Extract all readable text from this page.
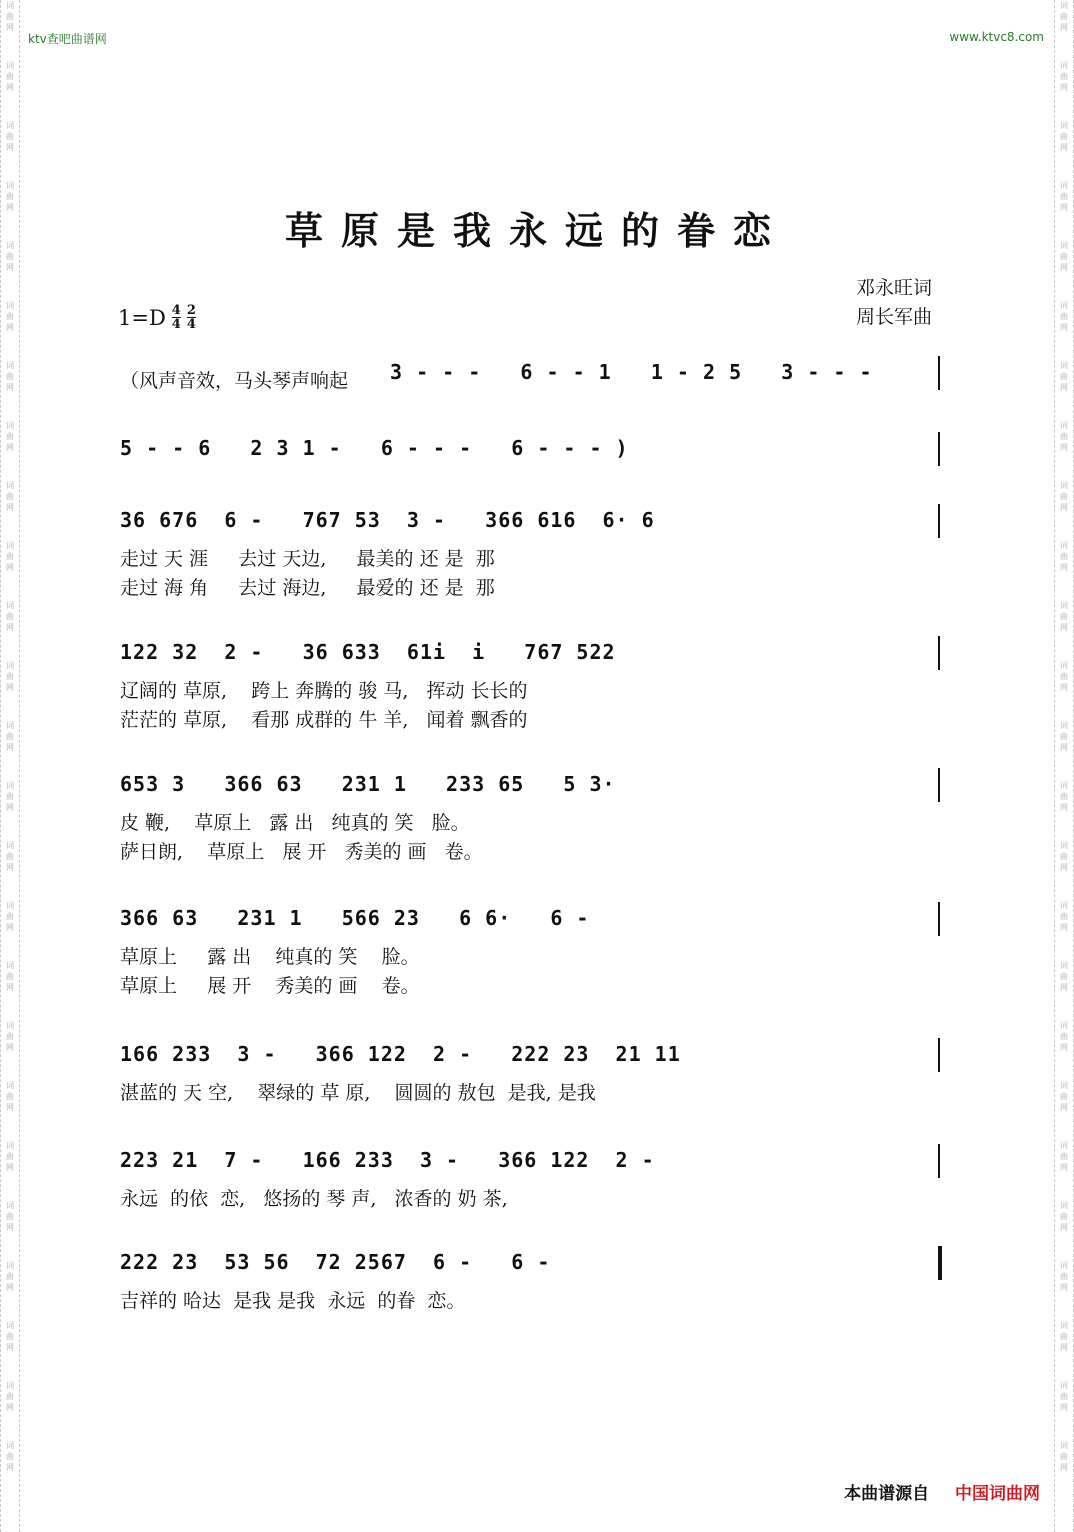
词
曲
网
词
曲
网
词
曲
网
词
曲
网
词
曲
网
词
曲
网
词
曲
网
词
曲
网
词
曲
网
词
曲
网
词
曲
网
词
曲
网
词
曲
网
词
曲
网
词
曲
网
词
曲
网
词
曲
网
词
曲
网
词
曲
网
词
曲
网
词
曲
网
词
曲
网
词
曲
网
词
曲
网
词
曲
网
词
曲
网
词
曲
网
词
曲
网
词
曲
网
词
曲
网
词
曲
网
词
曲
网
词
曲
网
词
曲
网
词
曲
网
词
曲
网
词
曲
网
词
曲
网
词
曲
网
词
曲
网
词
曲
网
词
曲
网
词
曲
网
词
曲
网
词
曲
网
词
曲
网
词
曲
网
词
曲
网
词
曲
网
词
曲
网
ktv查吧曲谱网	www.ktvc8.com
草原是我永远的眷恋
邓永旺词
周长军曲
$1=D \frac{4}{4} \frac{2}{4}$
（风声音效，马头琴声响起 3 - - -   6 - - 1   1 - 2 5   3 - - -
5 - - 6   2 3 1 -   6 - - -   6 - - - )
36 676  6 -   767 53  3 -   366 616  6· 6
走过 天 涯     去过 天边,     最美的 还 是  那
走过 海 角     去过 海边,     最爱的 还 是  那
122 32  2 -   36 633  61i  i   767 522
辽阔的 草原,    跨上 奔腾的 骏 马,   挥动 长长的
茫茫的 草原,    看那 成群的 牛 羊,   闻着 飘香的
653 3   366 63   231 1   233 65   5 3·
皮 鞭,    草原上   露 出   纯真的 笑   脸。
萨日朗,    草原上   展 开   秀美的 画   卷。
366 63   231 1   566 23   6 6·   6 -
草原上     露 出    纯真的 笑    脸。
草原上     展 开    秀美的 画    卷。
166 233  3 -   366 122  2 -   222 23  21 11
湛蓝的 天 空,    翠绿的 草 原,    圆圆的 敖包  是我, 是我
223 21  7 -   166 233  3 -   366 122  2 -
永远  的依  恋,   悠扬的 琴 声,   浓香的 奶 茶,
222 23  53 56  72 2567  6 -   6 -
吉祥的 哈达  是我 是我  永远  的眷  恋。
本曲谱源自 中国词曲网
